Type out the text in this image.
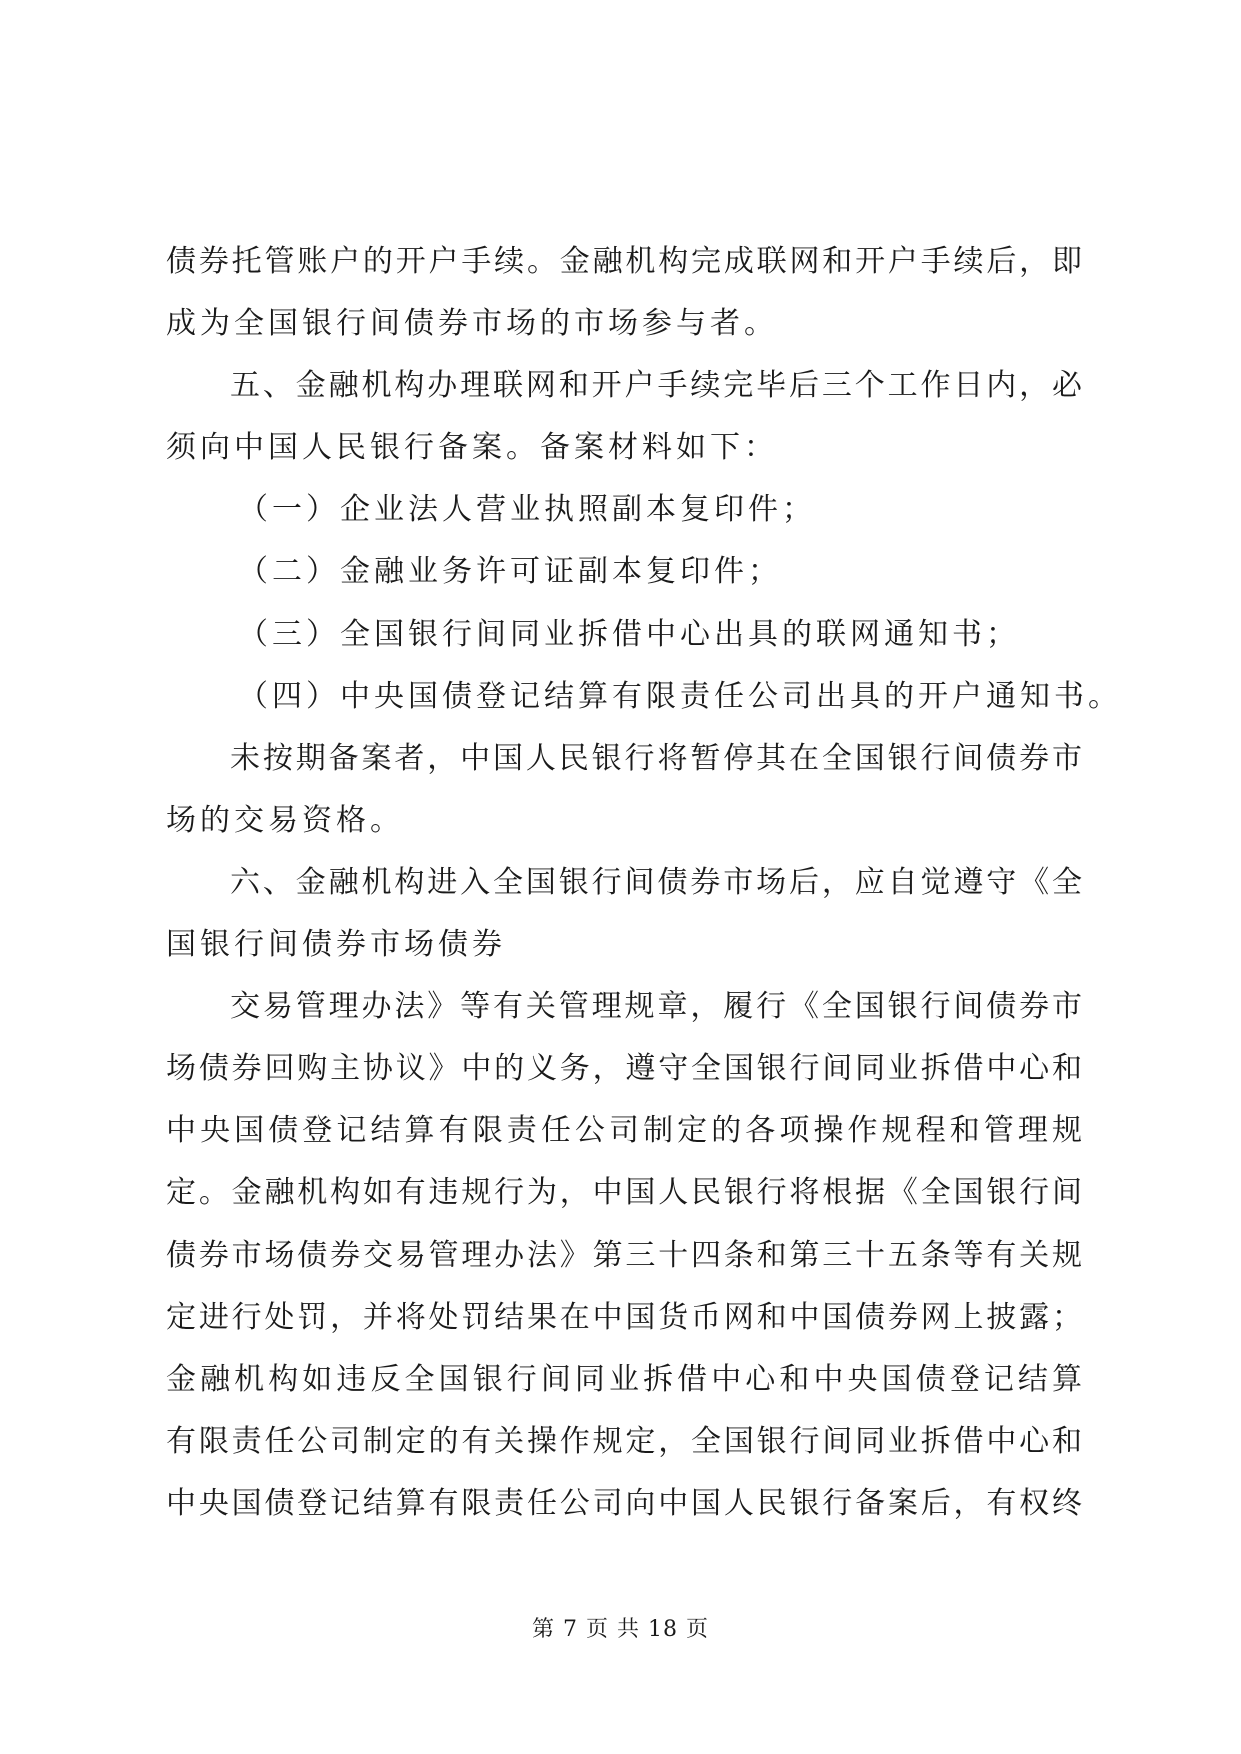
债券托管账户的开户手续。金融机构完成联网和开户手续后，即
成为全国银行间债券市场的市场参与者。
五、金融机构办理联网和开户手续完毕后三个工作日内，必
须向中国人民银行备案。备案材料如下：
（一）企业法人营业执照副本复印件；
（二）金融业务许可证副本复印件；
（三）全国银行间同业拆借中心出具的联网通知书；
（四）中央国债登记结算有限责任公司出具的开户通知书。
未按期备案者，中国人民银行将暂停其在全国银行间债券市
场的交易资格。
六、金融机构进入全国银行间债券市场后，应自觉遵守《全
国银行间债券市场债券
交易管理办法》等有关管理规章，履行《全国银行间债券市
场债券回购主协议》中的义务，遵守全国银行间同业拆借中心和
中央国债登记结算有限责任公司制定的各项操作规程和管理规
定。金融机构如有违规行为，中国人民银行将根据《全国银行间
债券市场债券交易管理办法》第三十四条和第三十五条等有关规
定进行处罚，并将处罚结果在中国货币网和中国债券网上披露；
金融机构如违反全国银行间同业拆借中心和中央国债登记结算
有限责任公司制定的有关操作规定，全国银行间同业拆借中心和
中央国债登记结算有限责任公司向中国人民银行备案后，有权终
第 7 页 共 18 页
